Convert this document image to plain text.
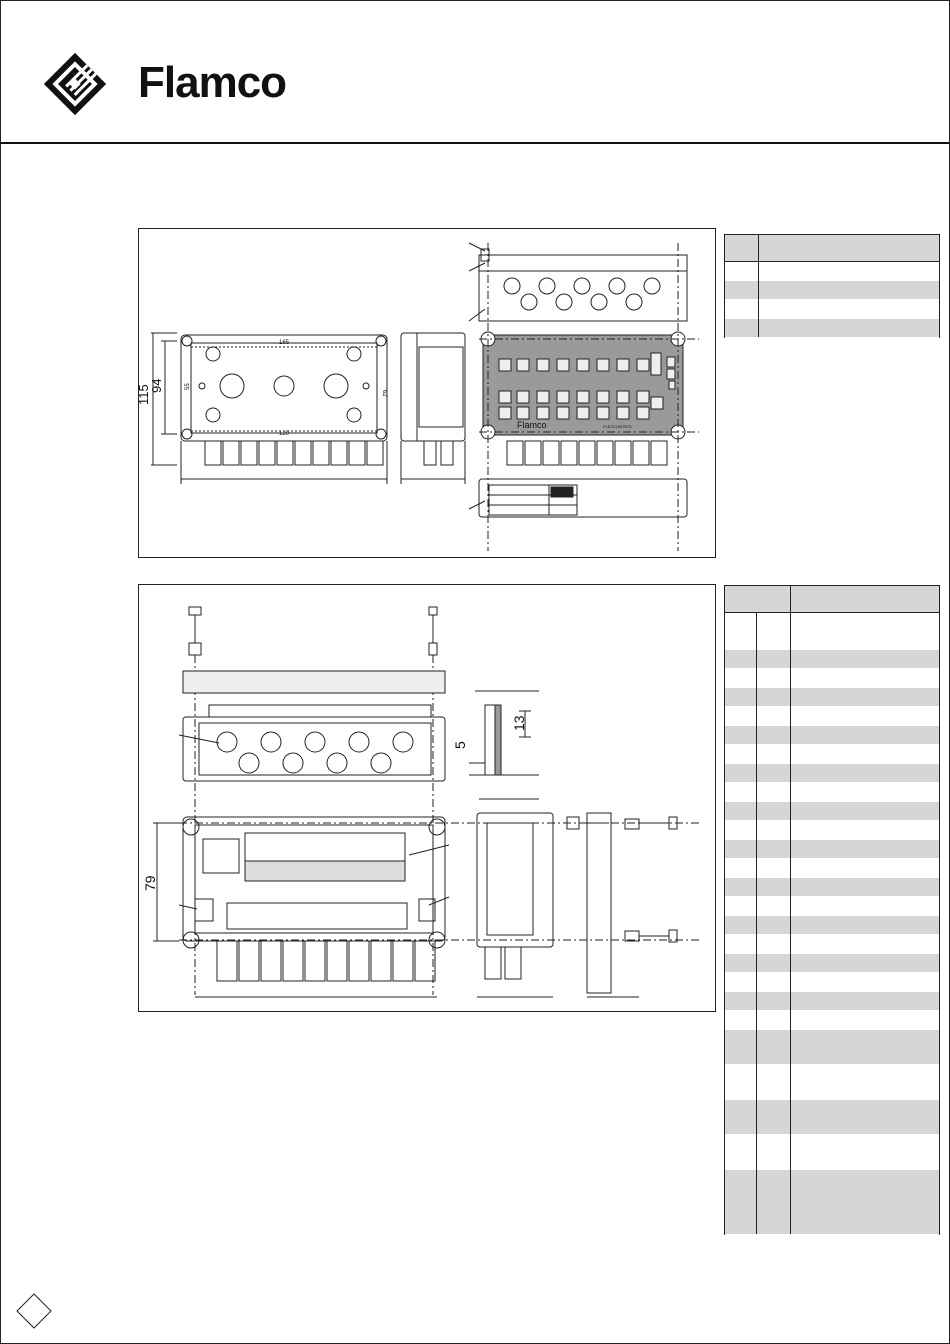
Flamco
115
94
165
55
62
120
Flamco	FLEXCONTROL
79
13
5
